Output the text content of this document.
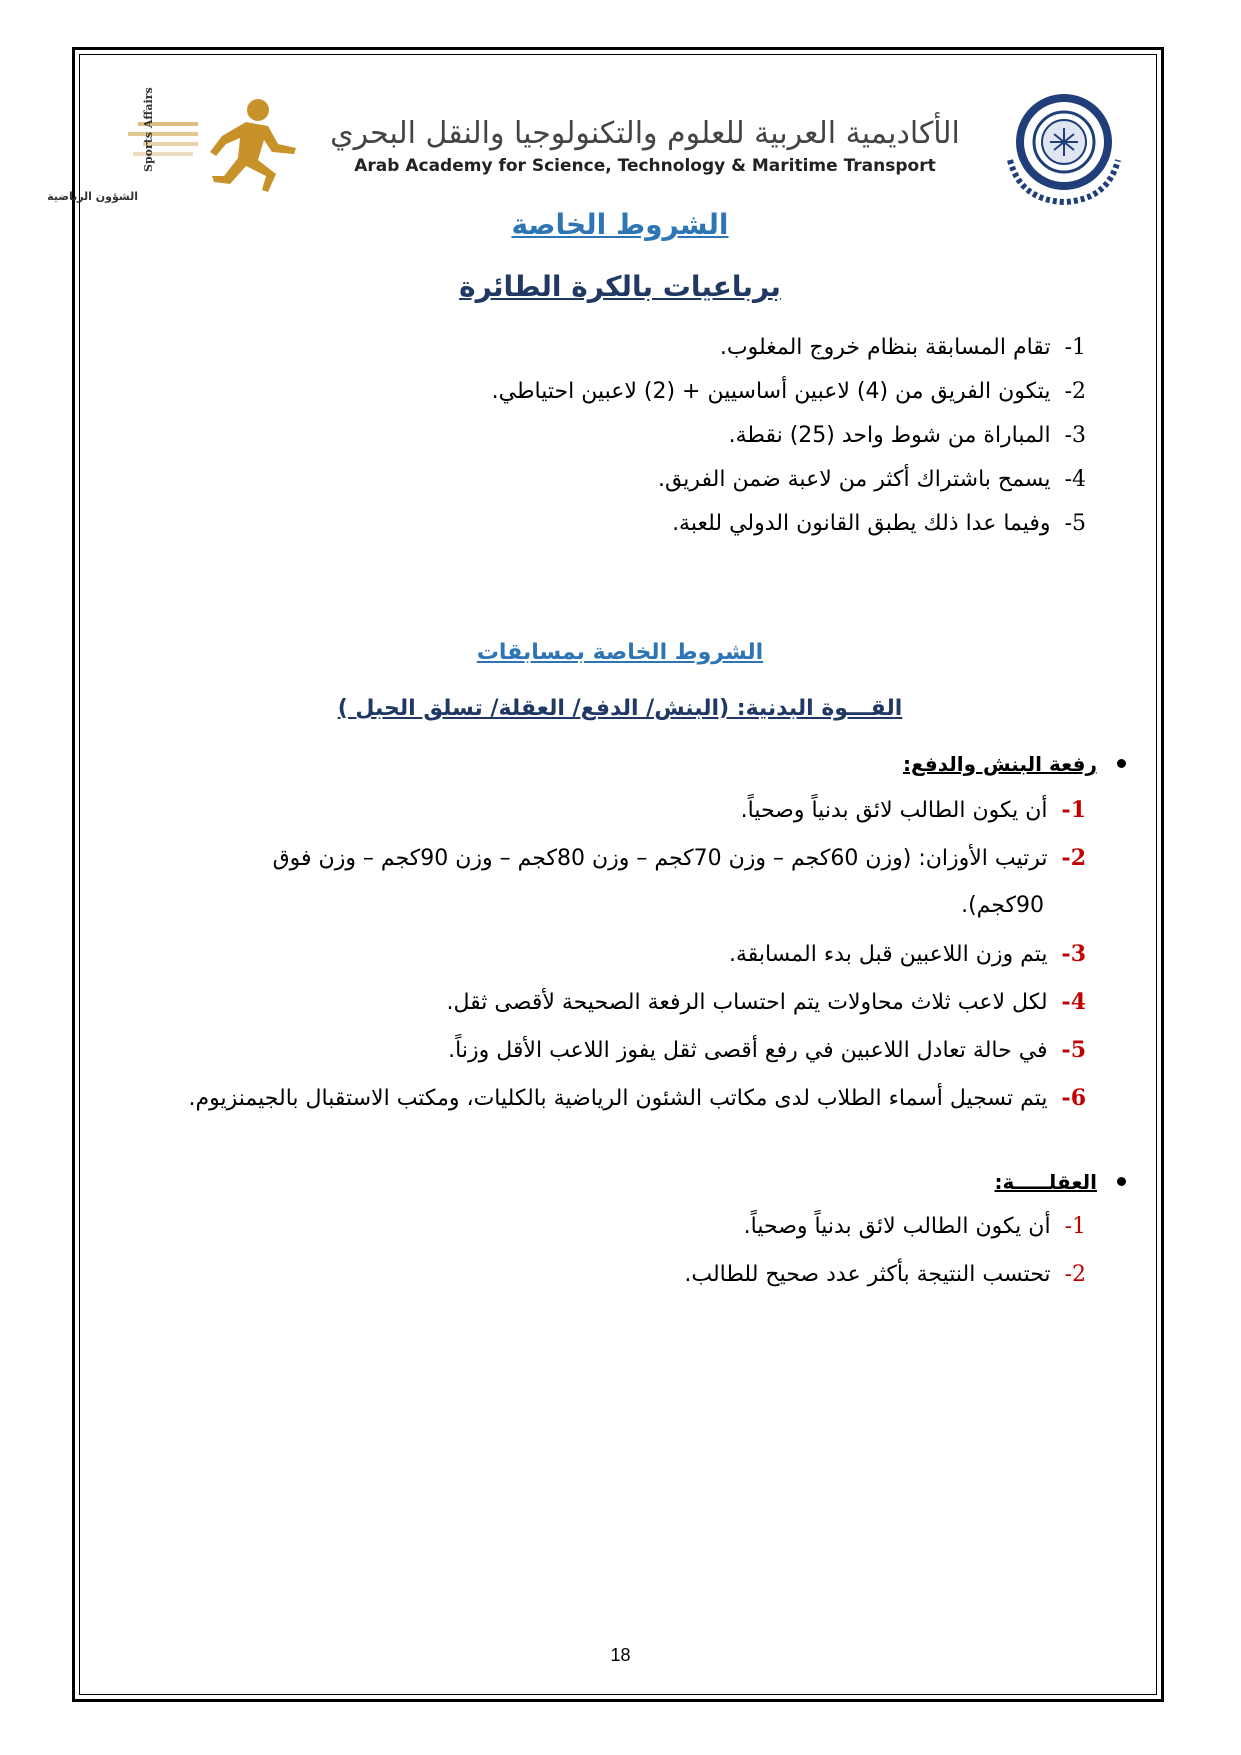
Sports Affairs
الشؤون الرياضية
الأكاديمية العربية للعلوم والتكنولوجيا والنقل البحري
Arab Academy for Science, Technology & Maritime Transport
الشروط الخاصة
برباعيات بالكرة الطائرة
1-تقام المسابقة بنظام خروج المغلوب.
2-يتكون الفريق من (4) لاعبين أساسيين + (2) لاعبين احتياطي.
3-المباراة من شوط واحد (25) نقطة.
4-يسمح باشتراك أكثر من لاعبة ضمن الفريق.
5-وفيما عدا ذلك يطبق القانون الدولي للعبة.
الشروط الخاصة بمسابقات
القـــوة البدنية: (البنش/ الدفع/ العقلة/ تسلق الحبل )
رفعة البنش والدفع:
1-أن يكون الطالب لائق بدنياً وصحياً.
2-ترتيب الأوزان: (وزن 60كجم – وزن 70كجم – وزن 80كجم – وزن 90كجم – وزن فوق
90كجم).
3-يتم وزن اللاعبين قبل بدء المسابقة.
4-لكل لاعب ثلاث محاولات يتم احتساب الرفعة الصحيحة لأقصى ثقل.
5-في حالة تعادل اللاعبين في رفع أقصى ثقل يفوز اللاعب الأقل وزناً.
6-يتم تسجيل أسماء الطلاب لدى مكاتب الشئون الرياضية بالكليات، ومكتب الاستقبال بالجيمنزيوم.
العقلـــــة:
1-أن يكون الطالب لائق بدنياً وصحياً.
2-تحتسب النتيجة بأكثر عدد صحيح للطالب.
18
